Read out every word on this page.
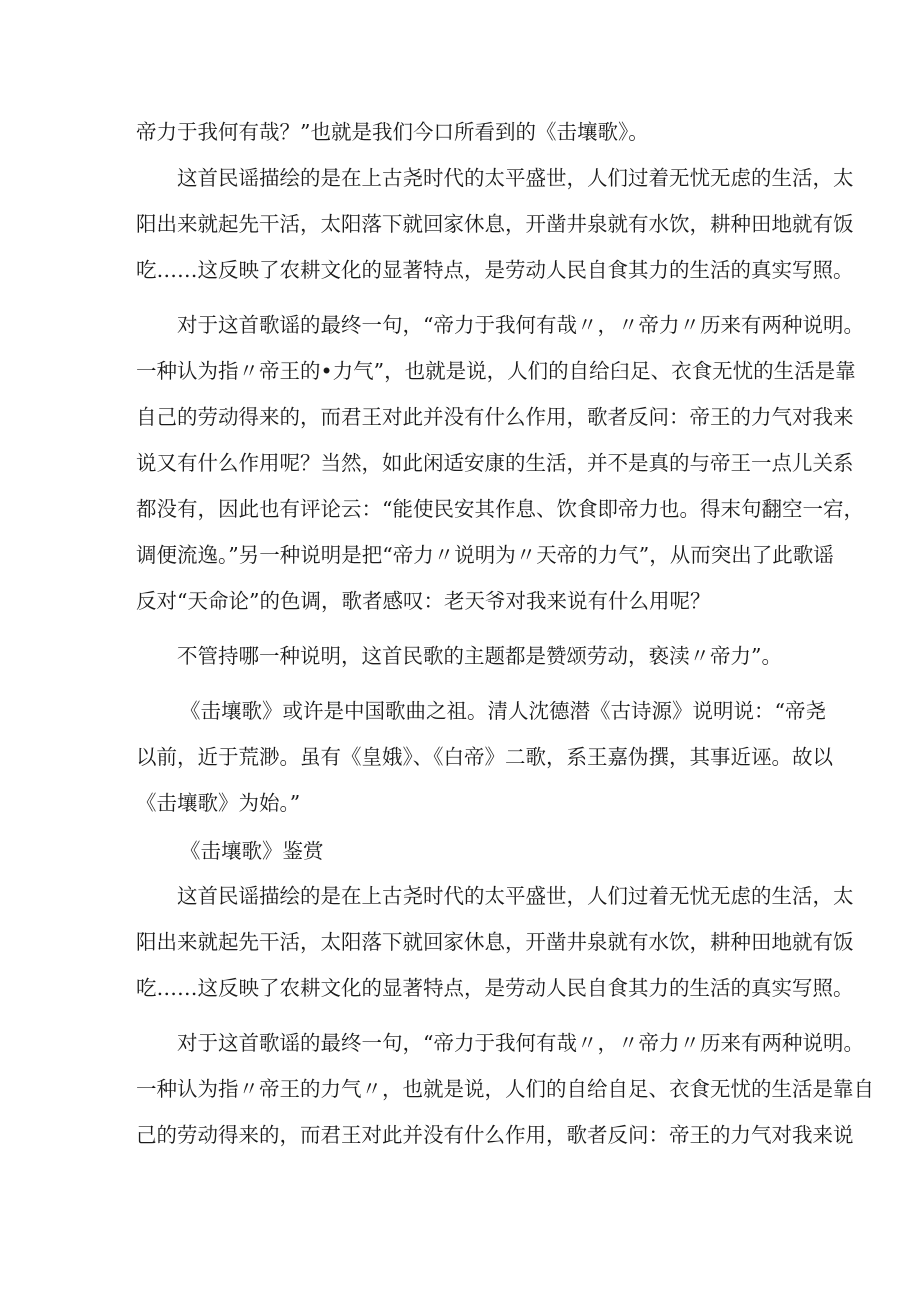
帝力于我何有哉？”也就是我们今口所看到的《击壤歌》。
这首民谣描绘的是在上古尧时代的太平盛世，人们过着无忧无虑的生活，太
阳出来就起先干活，太阳落下就回家休息，开凿井泉就有水饮，耕种田地就有饭
吃……这反映了农耕文化的显著特点，是劳动人民自食其力的生活的真实写照。
对于这首歌谣的最终一句，“帝力于我何有哉〃，〃帝力〃历来有两种说明。
一种认为指〃帝王的•力气”，也就是说，人们的自给臼足、衣食无忧的生活是靠
自己的劳动得来的，而君王对此并没有什么作用，歌者反问：帝王的力气对我来
说又有什么作用呢？当然，如此闲适安康的生活，并不是真的与帝王一点儿关系
都没有，因此也有评论云：“能使民安其作息、饮食即帝力也。得末句翻空一宕，
调便流逸。”另一种说明是把“帝力〃说明为〃天帝的力气”，从而突出了此歌谣
反对“天命论”的色调，歌者感叹：老天爷对我来说有什么用呢？
不管持哪一种说明，这首民歌的主题都是赞颂劳动，亵渎〃帝力”。
《击壤歌》或许是中国歌曲之祖。清人沈德潜《古诗源》说明说：“帝尧
以前，近于荒渺。虽有《皇娥》、《白帝》二歌，系王嘉伪撰，其事近诬。故以
《击壤歌》为始。”
《击壤歌》鉴赏
这首民谣描绘的是在上古尧时代的太平盛世，人们过着无忧无虑的生活，太
阳出来就起先干活，太阳落下就回家休息，开凿井泉就有水饮，耕种田地就有饭
吃……这反映了农耕文化的显著特点，是劳动人民自食其力的生活的真实写照。
对于这首歌谣的最终一句，“帝力于我何有哉〃，〃帝力〃历来有两种说明。
一种认为指〃帝王的力气〃，也就是说，人们的自给自足、衣食无忧的生活是靠自
己的劳动得来的，而君王对此并没有什么作用，歌者反问：帝王的力气对我来说
